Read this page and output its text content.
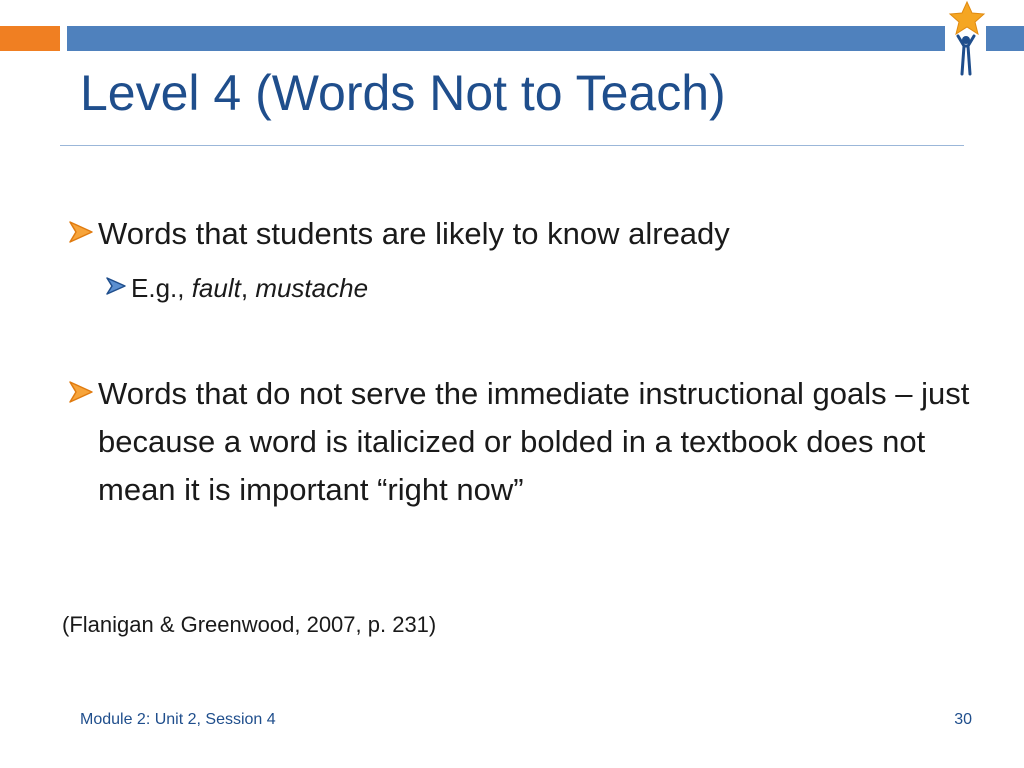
Level 4 (Words Not to Teach)
Words that students are likely to know already
E.g., fault, mustache
Words that do not serve the immediate instructional goals – just because a word is italicized or bolded in a textbook does not mean it is important “right now”
(Flanigan & Greenwood, 2007, p. 231)
Module 2: Unit 2, Session 4	30
